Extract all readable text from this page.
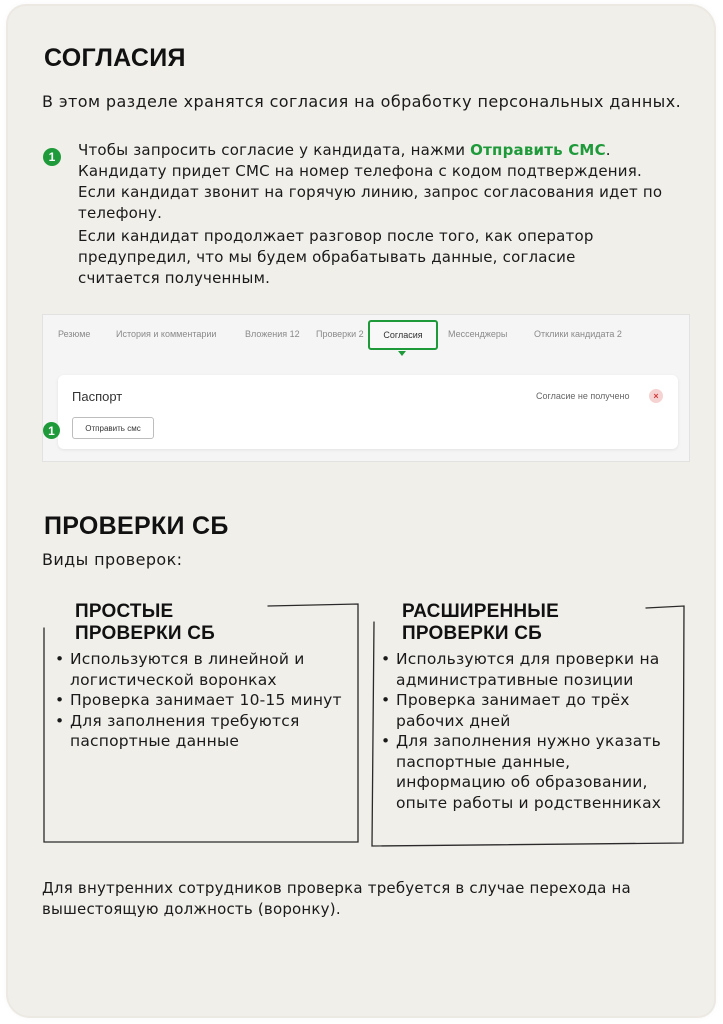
СОГЛАСИЯ
В этом разделе хранятся согласия на обработку персональных данных.
1	Чтобы запросить согласие у кандидата, нажми Отправить СМС. Кандидату придет СМС на номер телефона с кодом подтверждения. Если кандидат звонит на горячую линию, запрос согласования идет по телефону.
Если кандидат продолжает разговор после того, как оператор предупредил, что мы будем обрабатывать данные, согласие считается полученным.
Резюме	История и комментарии	Вложения 12 Проверки 2	Согласия	Мессенджеры	Отклики кандидата 2
Паспорт	Согласие не получено	×
Отправить смс
1
ПРОВЕРКИ СБ
Виды проверок:
ПРОСТЫЕ ПРОВЕРКИ СБ
• Используются в линейной и логистической воронках
• Проверка занимает 10-15 минут
• Для заполнения требуются паспортные данные
РАСШИРЕННЫЕ ПРОВЕРКИ СБ
• Используются для проверки на административные позиции
• Проверка занимает до трёх рабочих дней
• Для заполнения нужно указать паспортные данные, информацию об образовании, опыте работы и родственниках
Для внутренних сотрудников проверка требуется в случае перехода на вышестоящую должность (воронку).
